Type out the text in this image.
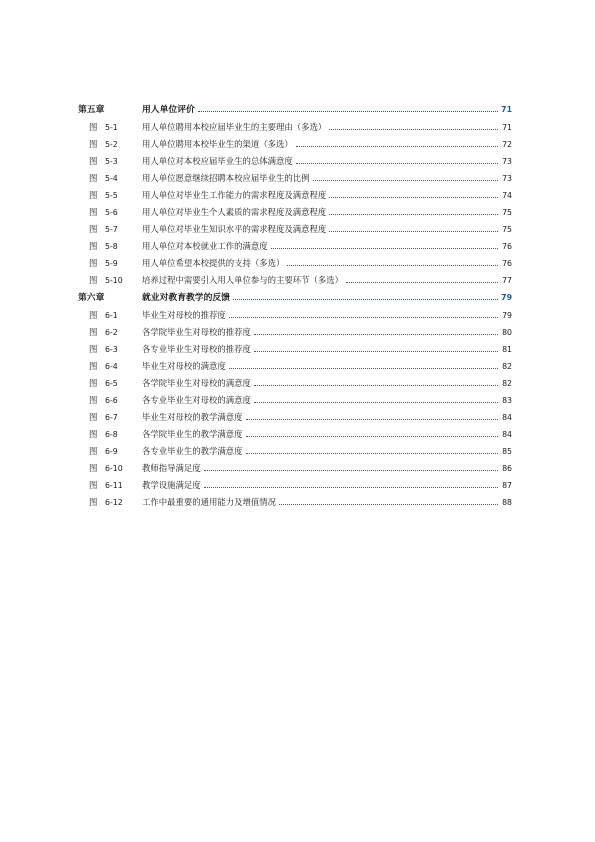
第五章	用人单位评价	71
图 5-1	用人单位聘用本校应届毕业生的主要理由（多选）	71
图 5-2	用人单位聘用本校毕业生的渠道（多选）	72
图 5-3	用人单位对本校应届毕业生的总体满意度	73
图 5-4	用人单位愿意继续招聘本校应届毕业生的比例	73
图 5-5	用人单位对毕业生工作能力的需求程度及满意程度	74
图 5-6	用人单位对毕业生个人素质的需求程度及满意程度	75
图 5-7	用人单位对毕业生知识水平的需求程度及满意程度	75
图 5-8	用人单位对本校就业工作的满意度	76
图 5-9	用人单位希望本校提供的支持（多选）	76
图 5-10 培养过程中需要引入用人单位参与的主要环节（多选）	77
第六章	就业对教育教学的反馈	79
图 6-1	毕业生对母校的推荐度	79
图 6-2	各学院毕业生对母校的推荐度	80
图 6-3	各专业毕业生对母校的推荐度	81
图 6-4	毕业生对母校的满意度	82
图 6-5	各学院毕业生对母校的满意度	82
图 6-6	各专业毕业生对母校的满意度	83
图 6-7	毕业生对母校的教学满意度	84
图 6-8	各学院毕业生的教学满意度	84
图 6-9	各专业毕业生的教学满意度	85
图 6-10 教师指导满足度	86
图 6-11 教学设施满足度	87
图 6-12 工作中最重要的通用能力及增值情况	88
